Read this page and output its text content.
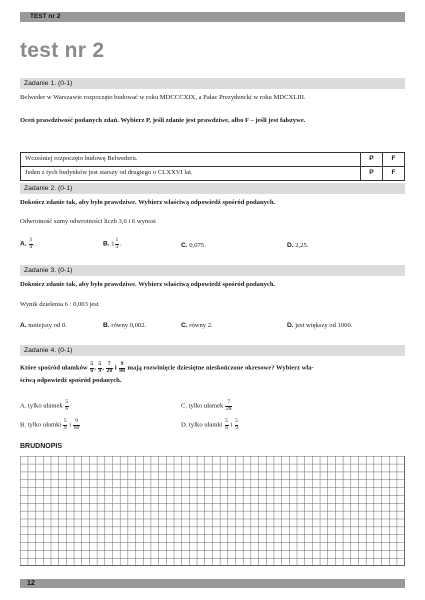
TEST nr 2
test nr 2
Zadanie 1. (0-1)
Belweder w Warszawie rozpoczęto budować w roku MDCCCXIX, a Pałac Prezydencki w roku MDCXLIII.
Oceń prawdziwość podanych zdań. Wybierz P, jeśli zdanie jest prawdziwe, albo F – jeśli jest fałszywe.
Wcześniej rozpoczęto budowę Belwederu.	P	F
Jeden z tych budynków jest starszy od drugiego o CLXXVI lat.	P	F
Zadanie 2. (0-1)
Dokończ zdanie tak, aby było prawdziwe. Wybierz właściwą odpowiedź spośród podanych.
Odwrotność sumy odwrotności liczb 3,6 i 6 wynosi
A. $\frac{3}{4}$ .	B. $1 \frac{1}{3}$ .	C. 0,075.	D. 2,25.
Zadanie 3. (0-1)
Dokończ zdanie tak, aby było prawdziwe. Wybierz właściwą odpowiedź spośród podanych.
Wynik dzielenia 6 : 0,003 jest
A. mniejszy od 0.	B. równy 0,002.	C. równy 2.	D. jest większy od 1000.
Zadanie 4. (0-1)
Które spośród ułamków $\frac{5}{6}$ , $\frac{5}{9}$ , $\frac{7}{28}$ i $\frac{9}{80}$ mają rozwinięcie dziesiętne nieskończone okresowe? Wybierz wła-
ściwą odpowiedź spośród podanych.
A. tylko ułamek $\frac{5}{6}$	C. tylko ułamek $\frac{7}{28}$
B. tylko ułamki $\frac{5}{9}$ i $\frac{9}{80}$	D. tylko ułamki $\frac{5}{6}$ i $\frac{5}{9}$
BRUDNOPIS
12
